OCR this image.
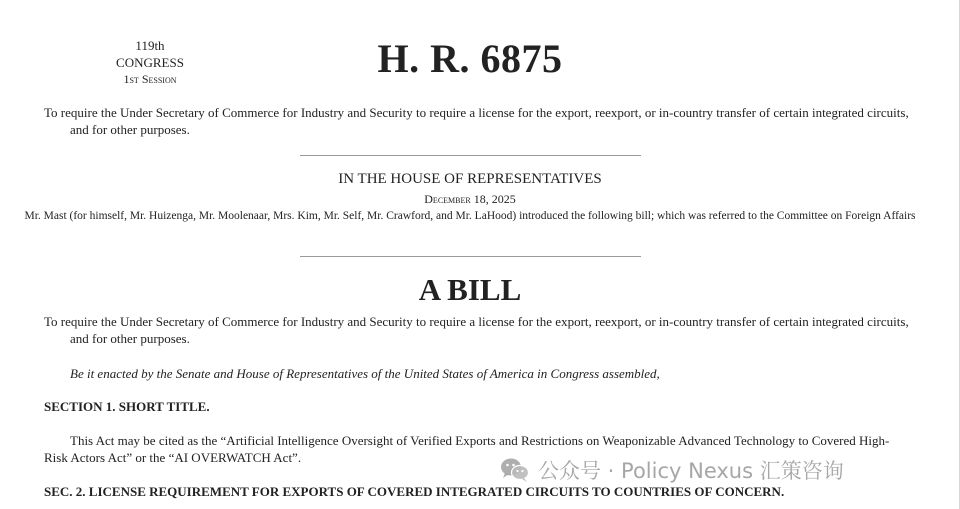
119th CONGRESS
1st Session	H. R. 6875

To require the Under Secretary of Commerce for Industry and Security to require a license for the export, reexport, or in-country transfer of certain integrated circuits, and for other purposes.

IN THE HOUSE OF REPRESENTATIVES
December 18, 2025

Mr. Mast (for himself, Mr. Huizenga, Mr. Moolenaar, Mrs. Kim, Mr. Self, Mr. Crawford, and Mr. LaHood) introduced the following bill; which was referred to the Committee on Foreign Affairs

A BILL

To require the Under Secretary of Commerce for Industry and Security to require a license for the export, reexport, or in-country transfer of certain integrated circuits, and for other purposes.

Be it enacted by the Senate and House of Representatives of the United States of America in Congress assembled,

SECTION 1. SHORT TITLE.

This Act may be cited as the “Artificial Intelligence Oversight of Verified Exports and Restrictions on Weaponizable Advanced Technology to Covered High-Risk Actors Act” or the “AI OVERWATCH Act”.

SEC. 2. LICENSE REQUIREMENT FOR EXPORTS OF COVERED INTEGRATED CIRCUITS TO COUNTRIES OF CONCERN.

公众号 · Policy Nexus 汇策咨询
